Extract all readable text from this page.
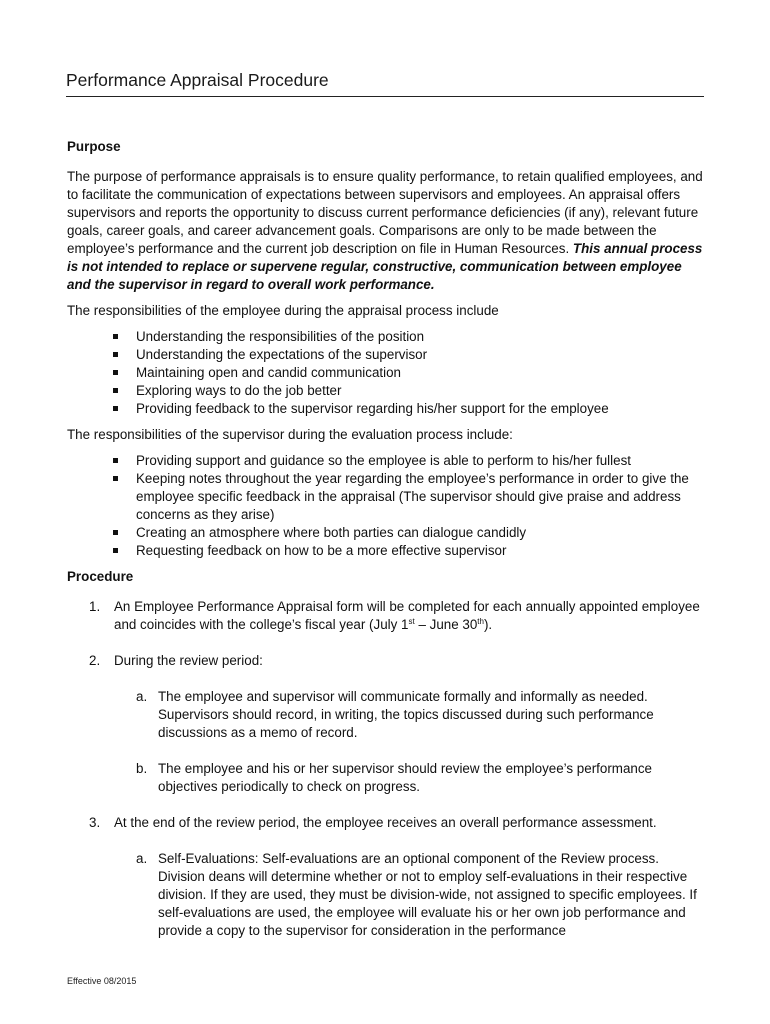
Performance Appraisal Procedure
Purpose

The purpose of performance appraisals is to ensure quality performance, to retain qualified employees, and to facilitate the communication of expectations between supervisors and employees. An appraisal offers supervisors and reports the opportunity to discuss current performance deficiencies (if any), relevant future goals, career goals, and career advancement goals. Comparisons are only to be made between the employee’s performance and the current job description on file in Human Resources. This annual process is not intended to replace or supervene regular, constructive, communication between employee and the supervisor in regard to overall work performance.

The responsibilities of the employee during the appraisal process include

Understanding the responsibilities of the position
Understanding the expectations of the supervisor
Maintaining open and candid communication
Exploring ways to do the job better
Providing feedback to the supervisor regarding his/her support for the employee

The responsibilities of the supervisor during the evaluation process include:

Providing support and guidance so the employee is able to perform to his/her fullest
Keeping notes throughout the year regarding the employee’s performance in order to give the employee specific feedback in the appraisal (The supervisor should give praise and address concerns as they arise)
Creating an atmosphere where both parties can dialogue candidly
Requesting feedback on how to be a more effective supervisor
Procedure
1. An Employee Performance Appraisal form will be completed for each annually appointed employee and coincides with the college’s fiscal year (July 1st – June 30th).
2. During the review period:
a. The employee and supervisor will communicate formally and informally as needed. Supervisors should record, in writing, the topics discussed during such performance discussions as a memo of record.
b. The employee and his or her supervisor should review the employee’s performance objectives periodically to check on progress.
3. At the end of the review period, the employee receives an overall performance assessment.
a. Self-Evaluations: Self-evaluations are an optional component of the Review process. Division deans will determine whether or not to employ self-evaluations in their respective division. If they are used, they must be division-wide, not assigned to specific employees. If self-evaluations are used, the employee will evaluate his or her own job performance and provide a copy to the supervisor for consideration in the performance
Effective 08/2015
